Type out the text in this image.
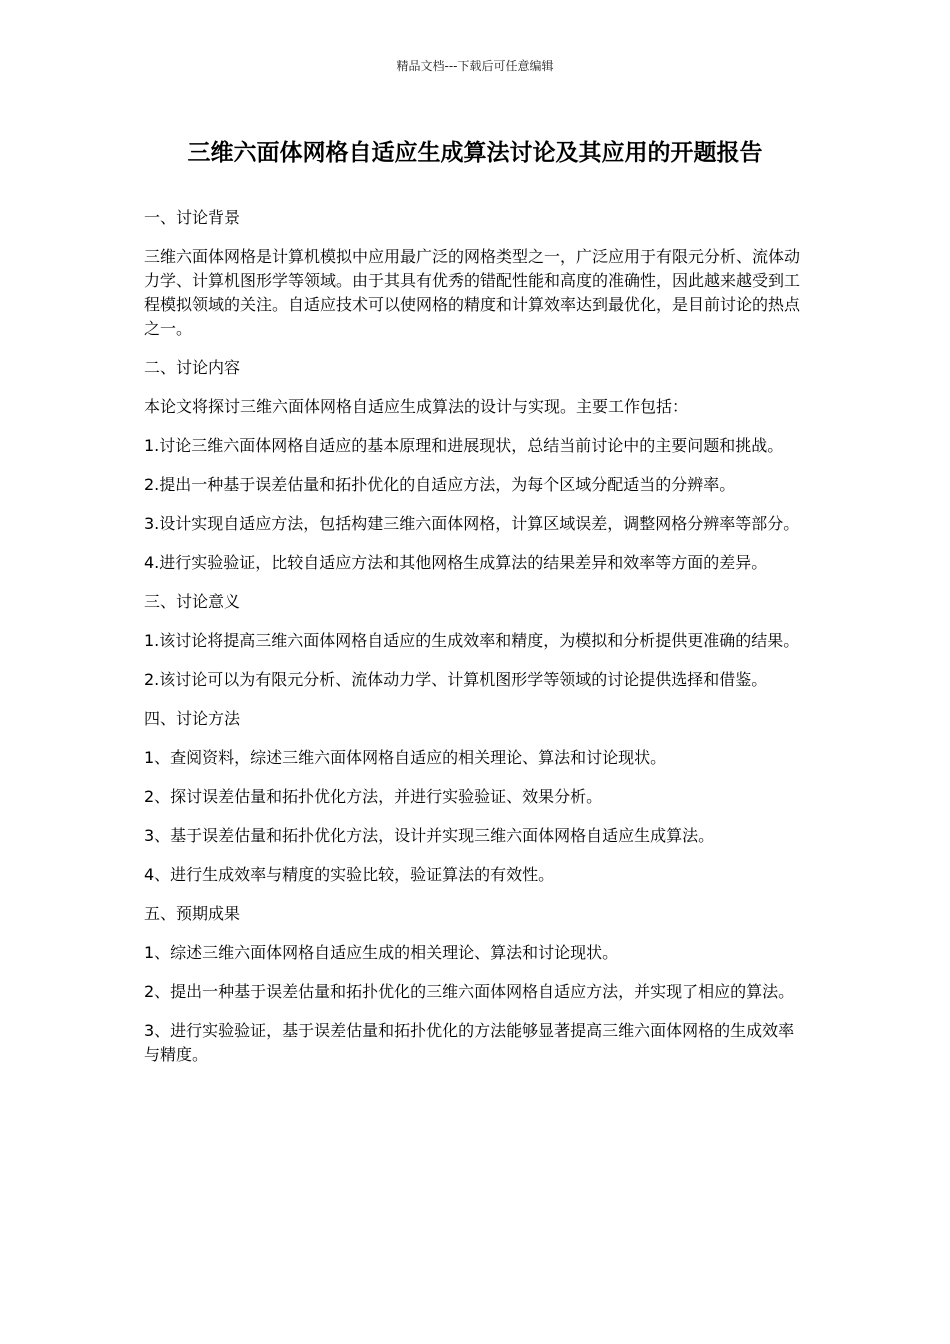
精品文档---下载后可任意编辑
三维六面体网格自适应生成算法讨论及其应用的开题报告

一、讨论背景

三维六面体网格是计算机模拟中应用最广泛的网格类型之一，广泛应用于有限元分析、流体动力学、计算机图形学等领域。由于其具有优秀的错配性能和高度的准确性，因此越来越受到工程模拟领域的关注。自适应技术可以使网格的精度和计算效率达到最优化，是目前讨论的热点之一。

二、讨论内容

本论文将探讨三维六面体网格自适应生成算法的设计与实现。主要工作包括：

1.讨论三维六面体网格自适应的基本原理和进展现状，总结当前讨论中的主要问题和挑战。

2.提出一种基于误差估量和拓扑优化的自适应方法，为每个区域分配适当的分辨率。

3.设计实现自适应方法，包括构建三维六面体网格，计算区域误差，调整网格分辨率等部分。

4.进行实验验证，比较自适应方法和其他网格生成算法的结果差异和效率等方面的差异。

三、讨论意义

1.该讨论将提高三维六面体网格自适应的生成效率和精度，为模拟和分析提供更准确的结果。

2.该讨论可以为有限元分析、流体动力学、计算机图形学等领域的讨论提供选择和借鉴。

四、讨论方法

1、查阅资料，综述三维六面体网格自适应的相关理论、算法和讨论现状。

2、探讨误差估量和拓扑优化方法，并进行实验验证、效果分析。

3、基于误差估量和拓扑优化方法，设计并实现三维六面体网格自适应生成算法。

4、进行生成效率与精度的实验比较，验证算法的有效性。

五、预期成果

1、综述三维六面体网格自适应生成的相关理论、算法和讨论现状。

2、提出一种基于误差估量和拓扑优化的三维六面体网格自适应方法，并实现了相应的算法。

3、进行实验验证，基于误差估量和拓扑优化的方法能够显著提高三维六面体网格的生成效率与精度。
